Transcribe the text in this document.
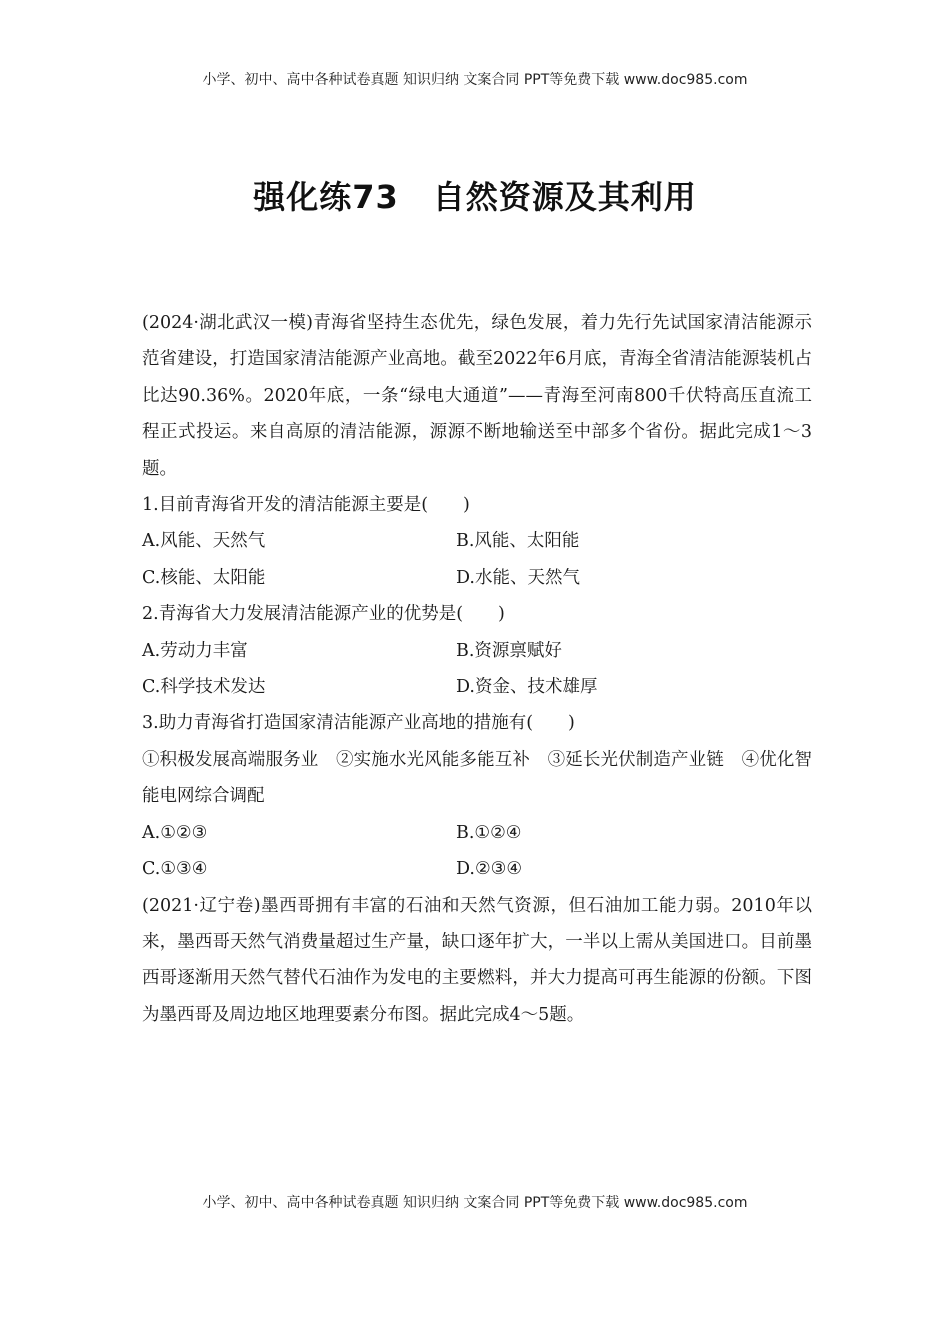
小学、初中、高中各种试卷真题 知识归纳 文案合同 PPT等免费下载 www.doc985.com
强化练73 自然资源及其利用
(2024·湖北武汉一模)青海省坚持生态优先，绿色发展，着力先行先试国家清洁能源示范省建设，打造国家清洁能源产业高地。截至2022年6月底，青海全省清洁能源装机占比达90.36%。2020年底，一条“绿电大通道”——青海至河南800千伏特高压直流工程正式投运。来自高原的清洁能源，源源不断地输送至中部多个省份。据此完成1～3题。
1.目前青海省开发的清洁能源主要是(　　)
A.风能、天然气	B.风能、太阳能
C.核能、太阳能	D.水能、天然气
2.青海省大力发展清洁能源产业的优势是(　　)
A.劳动力丰富	B.资源禀赋好
C.科学技术发达	D.资金、技术雄厚
3.助力青海省打造国家清洁能源产业高地的措施有(　　)
①积极发展高端服务业　②实施水光风能多能互补　③延长光伏制造产业链　④优化智能电网综合调配
A.①②③	B.①②④
C.①③④	D.②③④
(2021·辽宁卷)墨西哥拥有丰富的石油和天然气资源，但石油加工能力弱。2010年以来，墨西哥天然气消费量超过生产量，缺口逐年扩大，一半以上需从美国进口。目前墨西哥逐渐用天然气替代石油作为发电的主要燃料，并大力提高可再生能源的份额。下图为墨西哥及周边地区地理要素分布图。据此完成4～5题。
小学、初中、高中各种试卷真题 知识归纳 文案合同 PPT等免费下载 www.doc985.com
